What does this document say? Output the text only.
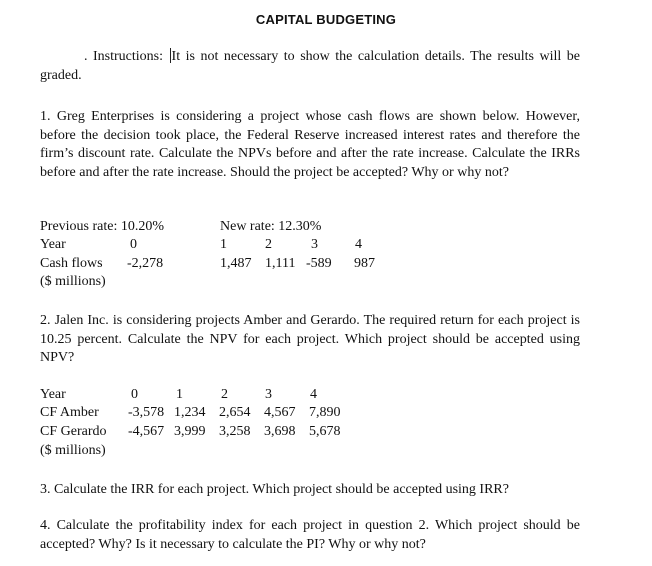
CAPITAL BUDGETING
. Instructions: It is not necessary to show the calculation details. The results will be graded.
1. Greg Enterprises is considering a project whose cash flows are shown below. However, before the decision took place, the Federal Reserve increased interest rates and therefore the firm’s discount rate. Calculate the NPVs before and after the rate increase. Calculate the IRRs before and after the rate increase. Should the project be accepted? Why or why not?
Previous rate: 10.20%	New rate: 12.30%
Year	0	1	2	3	4
Cash flows -2,278	1,487 1,111 -589 987
($ millions)
2. Jalen Inc. is considering projects Amber and Gerardo. The required return for each project is 10.25 percent. Calculate the NPV for each project. Which project should be accepted using NPV?
Year	0	1	2	3	4
CF Amber -3,578 1,234 2,654 4,567 7,890
CF Gerardo -4,567 3,999 3,258 3,698 5,678
($ millions)
3. Calculate the IRR for each project. Which project should be accepted using IRR?
4. Calculate the profitability index for each project in question 2. Which project should be accepted? Why? Is it necessary to calculate the PI? Why or why not?
